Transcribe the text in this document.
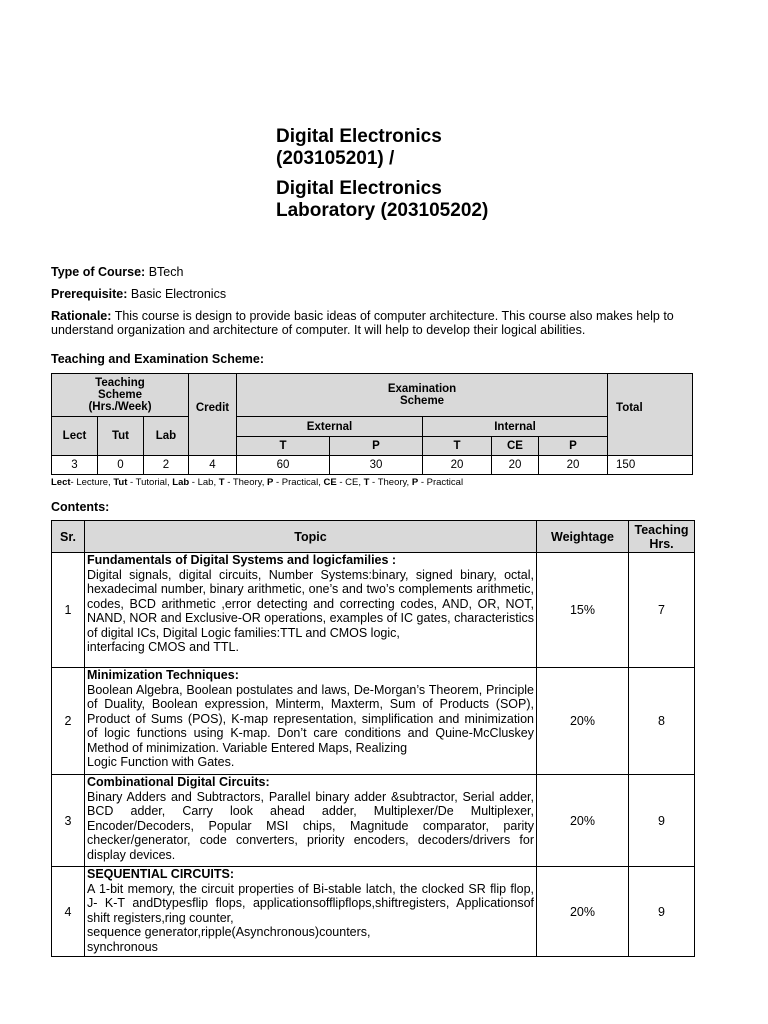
Digital Electronics
(203105201) /
Digital Electronics
Laboratory (203105202)
Type of Course: BTech
Prerequisite: Basic Electronics
Rationale: This course is design to provide basic ideas of computer architecture. This course also makes help to understand organization and architecture of computer. It will help to develop their logical abilities.
Teaching and Examination Scheme:
Teaching
Scheme
(Hrs./Week)			Credit	Examination
Scheme					Total
Lect	Tut	Lab		External		Internal			
				T	P	T	CE	P	
3	0	2	4	60	30	20	20	20	150
Lect- Lecture, Tut - Tutorial, Lab - Lab, T - Theory, P - Practical, CE - CE, T - Theory, P - Practical
Contents:
Sr.	Topic	Weightage	Teaching
Hrs.
1	Fundamentals of Digital Systems and logicfamilies :
Digital signals, digital circuits, Number Systems:binary, signed binary, octal, hexadecimal number, binary arithmetic, one’s and two’s complements arithmetic, codes, BCD arithmetic ,error detecting and correcting codes, AND, OR, NOT, NAND, NOR and Exclusive-OR operations, examples of IC gates, characteristics of digital ICs, Digital Logic families:TTL and CMOS logic,
interfacing CMOS and TTL.	15%	7
2	Minimization Techniques:
Boolean Algebra, Boolean postulates and laws, De-Morgan’s Theorem, Principle of Duality, Boolean expression, Minterm, Maxterm, Sum of Products (SOP), Product of Sums (POS), K-map representation, simplification and minimization of logic functions using K-map. Don’t care conditions and Quine-McCluskey Method of minimization. Variable Entered Maps, Realizing
Logic Function with Gates.	20%	8
3	Combinational Digital Circuits:
Binary Adders and Subtractors, Parallel binary adder &subtractor, Serial adder, BCD adder, Carry look ahead adder, Multiplexer/De Multiplexer, Encoder/Decoders, Popular MSI chips, Magnitude comparator, parity checker/generator, code converters, priority encoders, decoders/drivers for display devices.	20%	9
4	SEQUENTIAL CIRCUITS:
A 1-bit memory, the circuit properties of Bi-stable latch, the clocked SR flip flop, J- K-T andDtypesflip flops, applicationsofflipflops,shiftregisters, Applicationsof shift registers,ring counter,
sequence generator,ripple(Asynchronous)counters,
synchronous	20%	9
